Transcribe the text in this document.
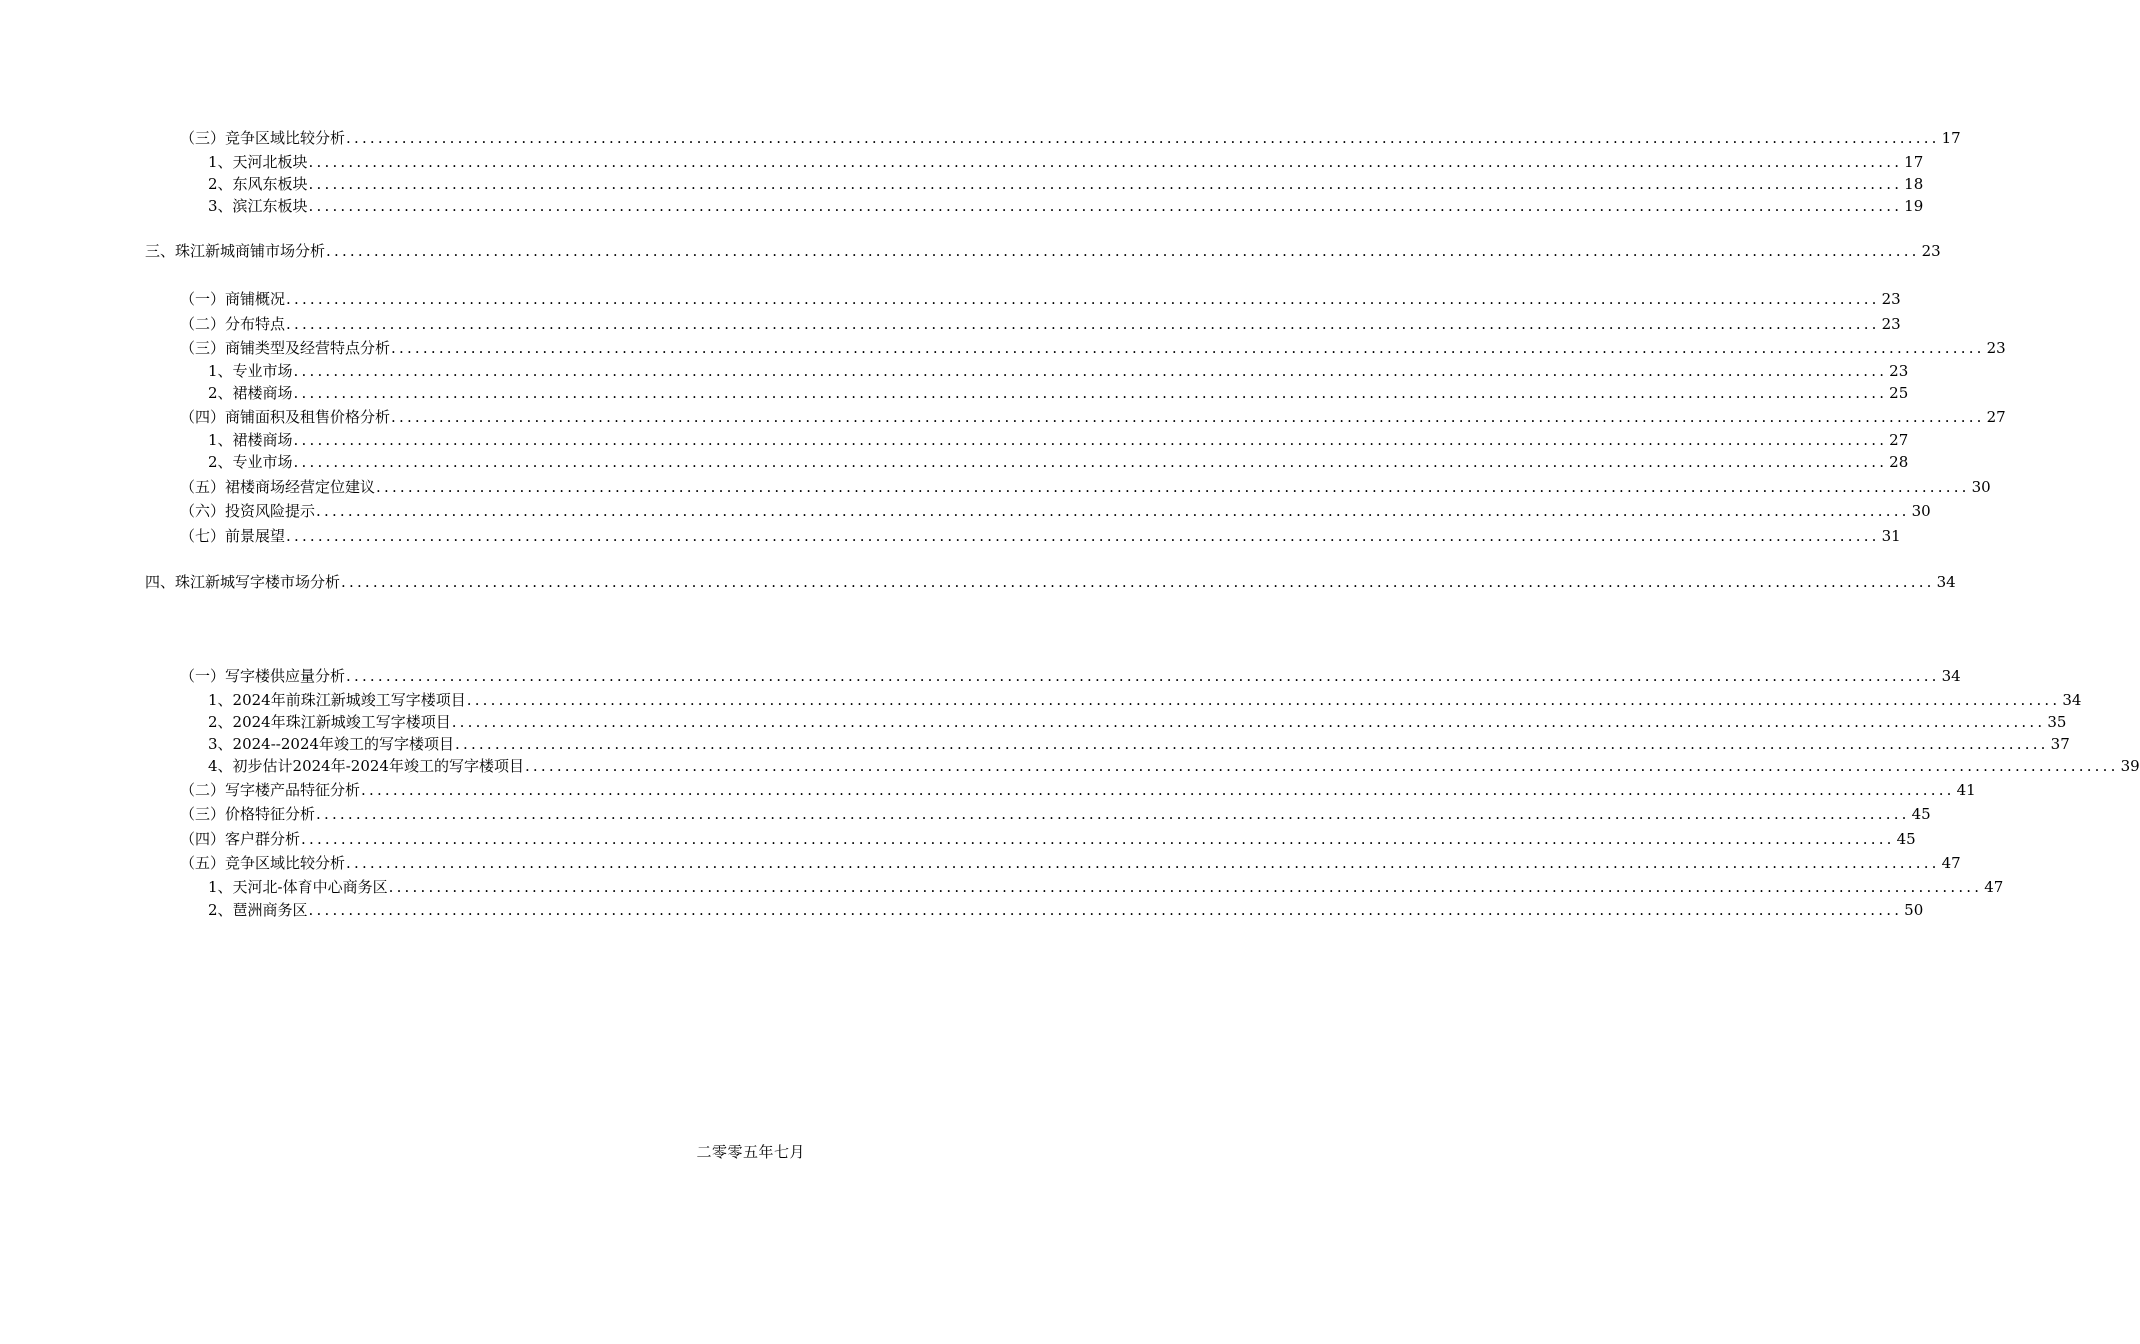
（三）竞争区域比较分析 ........................................................................................................................................................................................................ 17
1、天河北板块 ........................................................................................................................................................................................................ 17
2、东风东板块 ........................................................................................................................................................................................................ 18
3、滨江东板块 ........................................................................................................................................................................................................ 19
三、珠江新城商铺市场分析 ........................................................................................................................................................................................................ 23
（一）商铺概况 ........................................................................................................................................................................................................ 23
（二）分布特点 ........................................................................................................................................................................................................ 23
（三）商铺类型及经营特点分析 ........................................................................................................................................................................................................ 23
1、专业市场 ........................................................................................................................................................................................................ 23
2、裙楼商场 ........................................................................................................................................................................................................ 25
（四）商铺面积及租售价格分析 ........................................................................................................................................................................................................ 27
1、裙楼商场 ........................................................................................................................................................................................................ 27
2、专业市场 ........................................................................................................................................................................................................ 28
（五）裙楼商场经营定位建议 ........................................................................................................................................................................................................ 30
（六）投资风险提示 ........................................................................................................................................................................................................ 30
（七）前景展望 ........................................................................................................................................................................................................ 31
四、珠江新城写字楼市场分析 ........................................................................................................................................................................................................ 34
（一）写字楼供应量分析 ........................................................................................................................................................................................................ 34
1、2024年前珠江新城竣工写字楼项目 ........................................................................................................................................................................................................ 34
2、2024年珠江新城竣工写字楼项目 ........................................................................................................................................................................................................ 35
3、2024--2024年竣工的写字楼项目 ........................................................................................................................................................................................................ 37
4、初步估计2024年-2024年竣工的写字楼项目 ........................................................................................................................................................................................................ 39
（二）写字楼产品特征分析 ........................................................................................................................................................................................................ 41
（三）价格特征分析 ........................................................................................................................................................................................................ 45
（四）客户群分析 ........................................................................................................................................................................................................ 45
（五）竞争区域比较分析 ........................................................................................................................................................................................................ 47
1、天河北-体育中心商务区 ........................................................................................................................................................................................................ 47
2、琶洲商务区 ........................................................................................................................................................................................................ 50
二零零五年七月
